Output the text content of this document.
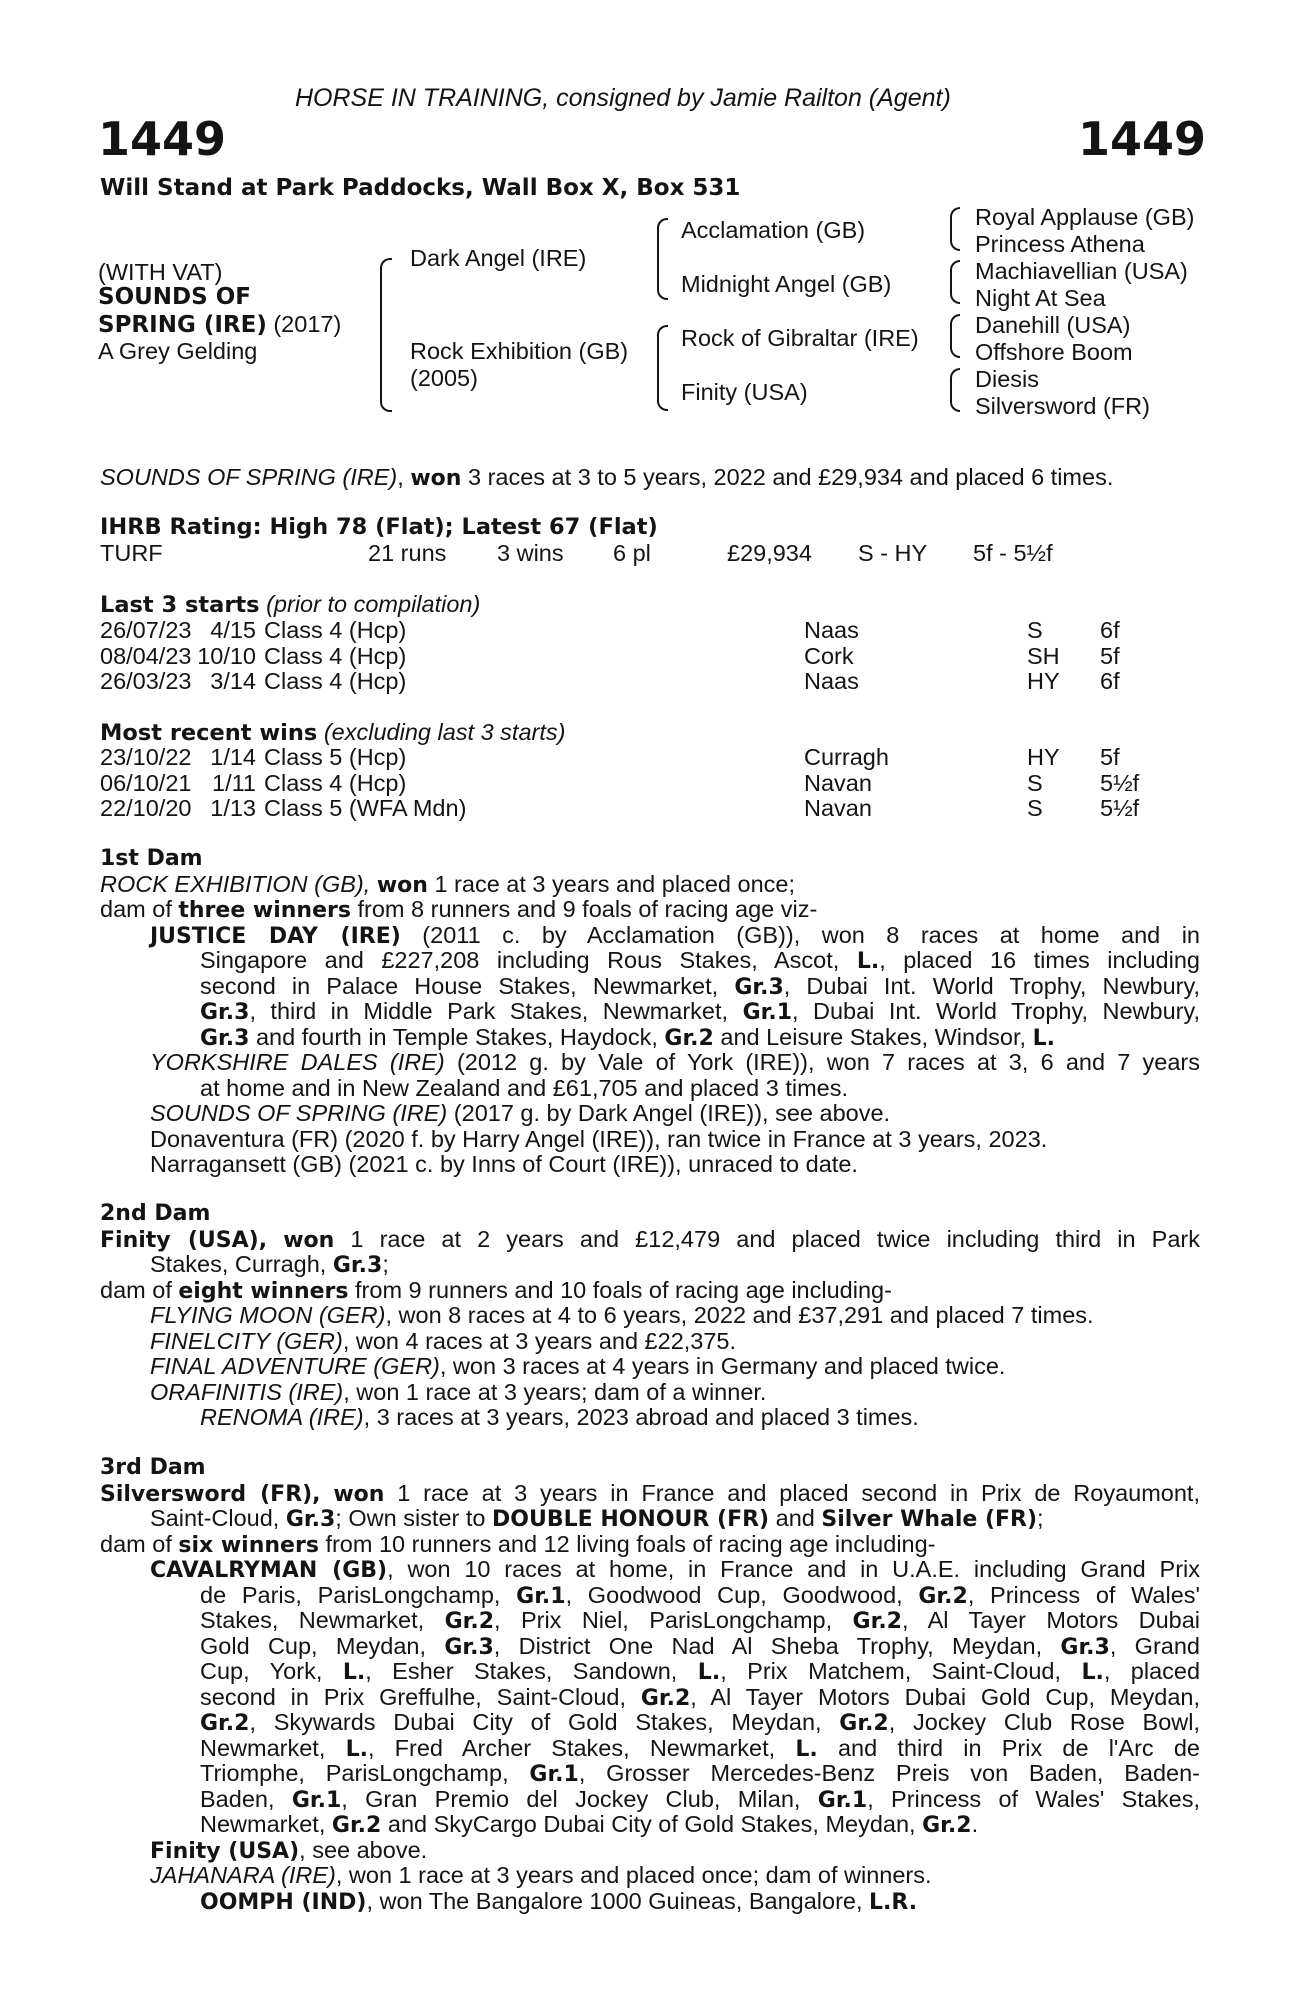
HORSE IN TRAINING, consigned by Jamie Railton (Agent)
1449	1449
Will Stand at Park Paddocks, Wall Box X, Box 531
(WITH VAT)
SOUNDS OF
SPRING (IRE) (2017)
A Grey Gelding
Dark Angel (IRE)
Rock Exhibition (GB)
(2005)
Acclamation (GB)
Midnight Angel (GB)
Rock of Gibraltar (IRE)
Finity (USA)
Royal Applause (GB)
Princess Athena
Machiavellian (USA)
Night At Sea
Danehill (USA)
Offshore Boom
Diesis
Silversword (FR)
SOUNDS OF SPRING (IRE), won 3 races at 3 to 5 years, 2022 and £29,934 and placed 6 times.
IHRB Rating: High 78 (Flat); Latest 67 (Flat)
TURF	21 runs 3 wins 6 pl	£29,934 S - HY 5f - 5½f
Last 3 starts (prior to compilation)
26/07/23	4/15	Class 4 (Hcp)	Naas	S	6f
08/04/23	10/10	Class 4 (Hcp)	Cork	SH	5f
26/03/23	3/14	Class 4 (Hcp)	Naas	HY	6f
Most recent wins (excluding last 3 starts)
23/10/22	1/14	Class 5 (Hcp)	Curragh	HY	5f
06/10/21	1/11	Class 4 (Hcp)	Navan	S	5½f
22/10/20	1/13	Class 5 (WFA Mdn)	Navan	S	5½f
1st Dam
ROCK EXHIBITION (GB), won 1 race at 3 years and placed once;
dam of three winners from 8 runners and 9 foals of racing age viz-
JUSTICE DAY (IRE) (2011 c. by Acclamation (GB)), won 8 races at home and in
Singapore and £227,208 including Rous Stakes, Ascot, L., placed 16 times including
second in Palace House Stakes, Newmarket, Gr.3, Dubai Int. World Trophy, Newbury,
Gr.3, third in Middle Park Stakes, Newmarket, Gr.1, Dubai Int. World Trophy, Newbury,
Gr.3 and fourth in Temple Stakes, Haydock, Gr.2 and Leisure Stakes, Windsor, L.
YORKSHIRE DALES (IRE) (2012 g. by Vale of York (IRE)), won 7 races at 3, 6 and 7 years
at home and in New Zealand and £61,705 and placed 3 times.
SOUNDS OF SPRING (IRE) (2017 g. by Dark Angel (IRE)), see above.
Donaventura (FR) (2020 f. by Harry Angel (IRE)), ran twice in France at 3 years, 2023.
Narragansett (GB) (2021 c. by Inns of Court (IRE)), unraced to date.
2nd Dam
Finity (USA), won 1 race at 2 years and £12,479 and placed twice including third in Park
Stakes, Curragh, Gr.3;
dam of eight winners from 9 runners and 10 foals of racing age including-
FLYING MOON (GER), won 8 races at 4 to 6 years, 2022 and £37,291 and placed 7 times.
FINELCITY (GER), won 4 races at 3 years and £22,375.
FINAL ADVENTURE (GER), won 3 races at 4 years in Germany and placed twice.
ORAFINITIS (IRE), won 1 race at 3 years; dam of a winner.
RENOMA (IRE), 3 races at 3 years, 2023 abroad and placed 3 times.
3rd Dam
Silversword (FR), won 1 race at 3 years in France and placed second in Prix de Royaumont,
Saint-Cloud, Gr.3; Own sister to DOUBLE HONOUR (FR) and Silver Whale (FR);
dam of six winners from 10 runners and 12 living foals of racing age including-
CAVALRYMAN (GB), won 10 races at home, in France and in U.A.E. including Grand Prix
de Paris, ParisLongchamp, Gr.1, Goodwood Cup, Goodwood, Gr.2, Princess of Wales'
Stakes, Newmarket, Gr.2, Prix Niel, ParisLongchamp, Gr.2, Al Tayer Motors Dubai
Gold Cup, Meydan, Gr.3, District One Nad Al Sheba Trophy, Meydan, Gr.3, Grand
Cup, York, L., Esher Stakes, Sandown, L., Prix Matchem, Saint-Cloud, L., placed
second in Prix Greffulhe, Saint-Cloud, Gr.2, Al Tayer Motors Dubai Gold Cup, Meydan,
Gr.2, Skywards Dubai City of Gold Stakes, Meydan, Gr.2, Jockey Club Rose Bowl,
Newmarket, L., Fred Archer Stakes, Newmarket, L. and third in Prix de l'Arc de
Triomphe, ParisLongchamp, Gr.1, Grosser Mercedes-Benz Preis von Baden, Baden-
Baden, Gr.1, Gran Premio del Jockey Club, Milan, Gr.1, Princess of Wales' Stakes,
Newmarket, Gr.2 and SkyCargo Dubai City of Gold Stakes, Meydan, Gr.2.
Finity (USA), see above.
JAHANARA (IRE), won 1 race at 3 years and placed once; dam of winners.
OOMPH (IND), won The Bangalore 1000 Guineas, Bangalore, L.R.
